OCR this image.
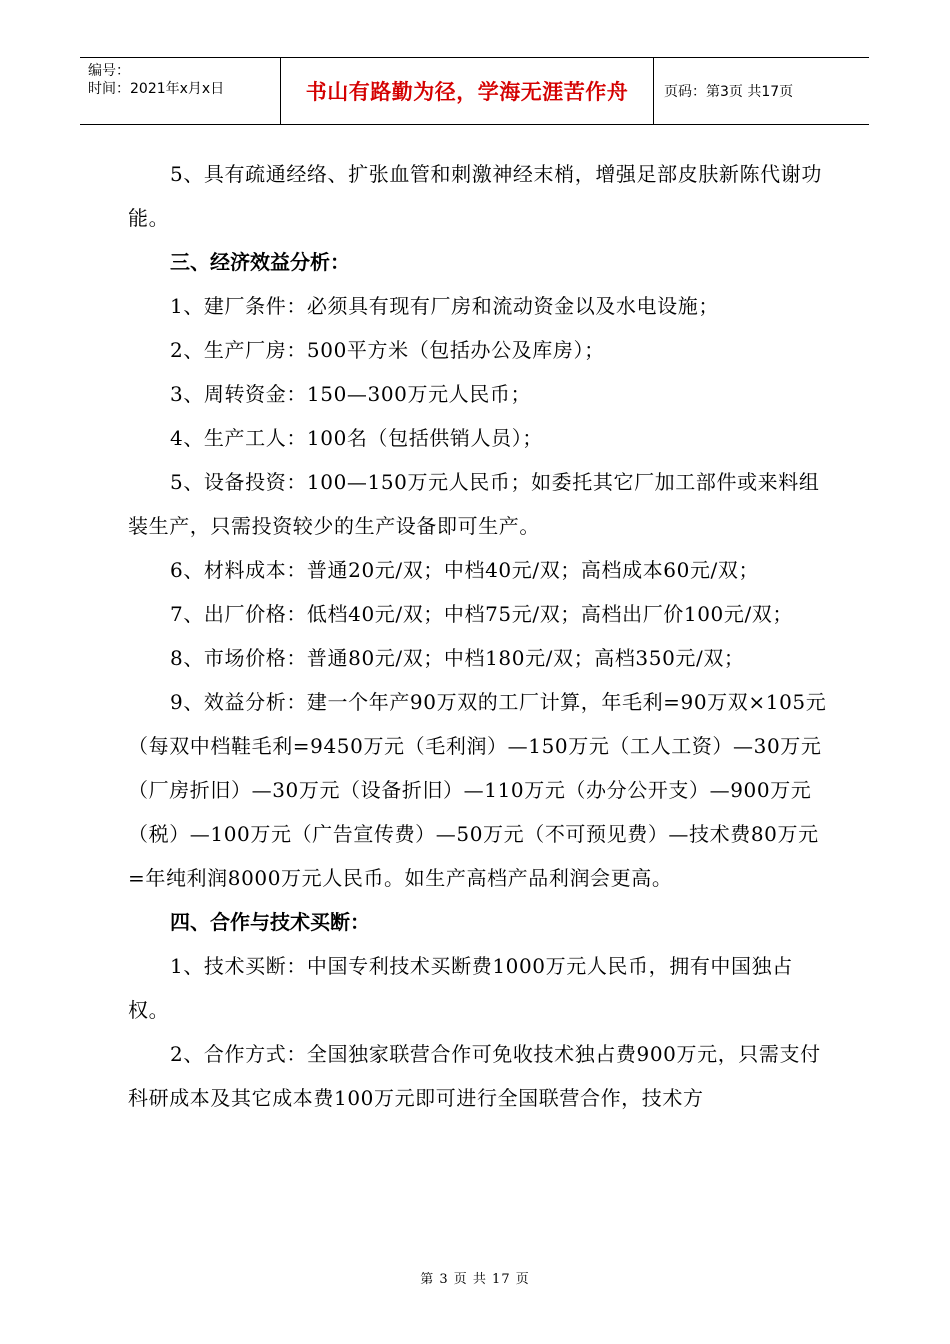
编号：
时间：2021年x月x日	书山有路勤为径，学海无涯苦作舟	页码：第3页 共17页

5、具有疏通经络、扩张血管和刺激神经末梢，增强足部皮肤新陈代谢功能。

三、经济效益分析：

1、建厂条件：必须具有现有厂房和流动资金以及水电设施；

2、生产厂房：500平方米（包括办公及库房）；

3、周转资金：150—300万元人民币；

4、生产工人：100名（包括供销人员）；

5、设备投资：100—150万元人民币；如委托其它厂加工部件或来料组装生产，只需投资较少的生产设备即可生产。

6、材料成本：普通20元/双；中档40元/双；高档成本60元/双；

7、出厂价格：低档40元/双；中档75元/双；高档出厂价100元/双；

8、市场价格：普通80元/双；中档180元/双；高档350元/双；

9、效益分析：建一个年产90万双的工厂计算，年毛利=90万双×105元（每双中档鞋毛利=9450万元（毛利润）—150万元（工人工资）—30万元（厂房折旧）—30万元（设备折旧）—110万元（办分公开支）—900万元（税）—100万元（广告宣传费）—50万元（不可预见费）—技术费80万元=年纯利润8000万元人民币。如生产高档产品利润会更高。

四、合作与技术买断：

1、技术买断：中国专利技术买断费1000万元人民币，拥有中国独占权。

2、合作方式：全国独家联营合作可免收技术独占费900万元，只需支付科研成本及其它成本费100万元即可进行全国联营合作，技术方

第 3 页 共 17 页
